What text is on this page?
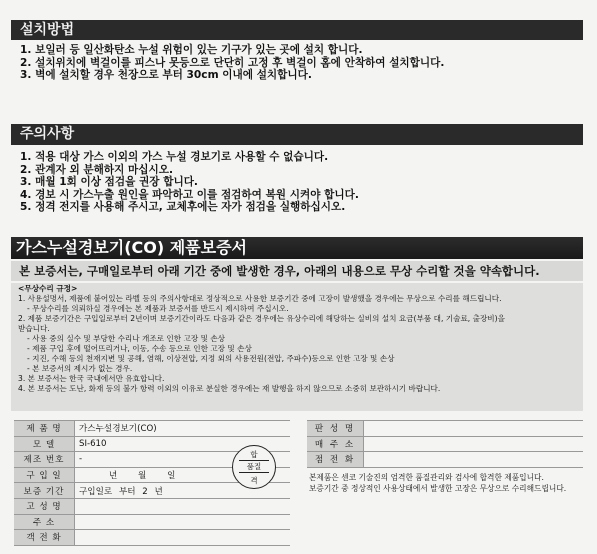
설치방법
1. 보일러 등 일산화탄소 누설 위험이 있는 기구가 있는 곳에 설치 합니다.
2. 설치위치에 벽걸이를 피스나 못등으로 단단히 고정 후 벽걸이 홈에 안착하여 설치합니다.
3. 벽에 설치할 경우 천장으로 부터 30cm 이내에 설치합니다.
주의사항
1. 적용 대상 가스 이외의 가스 누설 경보기로 사용할 수 없습니다.
2. 관계자 외 분해하지 마십시오.
3. 매월 1회 이상 점검을 권장 합니다.
4. 경보 시 가스누출 원인을 파악하고 이를 점검하여 복원 시켜야 합니다.
5. 정격 전지를 사용해 주시고, 교체후에는 자가 점검을 실행하십시오.
가스누설경보기(CO) 제품보증서
본 보증서는, 구매일로부터 아래 기간 중에 발생한 경우, 아래의 내용으로 무상 수리할 것을 약속합니다.
<무상수리 규정>
1. 사용설명서, 제품에 붙어있는 라벨 등의 주의사항대로 정상적으로 사용한 보증기간 중에 고장이 발생했을 경우에는 무상으로 수리를 해드립니다.
- 무상수리를 의뢰하실 경우에는 본 제품과 보증서를 반드시 제시하여 주십시오.
2. 제품 보증기간은 구입일로부터 2년이며 보증기간이라도 다음과 같은 경우에는 유상수리에 해당하는 실비의 설치 요금(부품 대, 기술료, 출장비)을
받습니다.
- 사용 중의 실수 및 부당한 수리나 개조로 인한 고장 및 손상
- 제품 구입 후에 떨어뜨리거나, 이동, 수송 등으로 인한 고장 및 손상
- 지진, 수해 등의 천재지변 및 공해, 염해, 이상전압, 지정 외의 사용전원(전압, 주파수)등으로 인한 고장 및 손상
- 본 보증서의 제시가 없는 경우.
3. 본 보증서는 한국 국내에서만 유효합니다.
4. 본 보증서는 도난, 화재 등의 불가 항력 이외의 이유로 분실한 경우에는 재 발행을 하지 않으므로 소중히 보관하시기 바랍니다.
제 품 명	가스누설경보기(CO)
모 델	SI-610
제조 번호	-
구 입 일	년 월 일
보증 기간	구입일로 부터 2 년
고 성 명	
주 소	
객 전 화	
합
품질
격
판 성 명	
매 주 소	
점 전 화	
본제품은 센코 기술진의 엄격한 품질관리와 검사에 합격한 제품입니다.
보증기간 중 정상적인 사용상태에서 발생한 고장은 무상으로 수리해드립니다.
